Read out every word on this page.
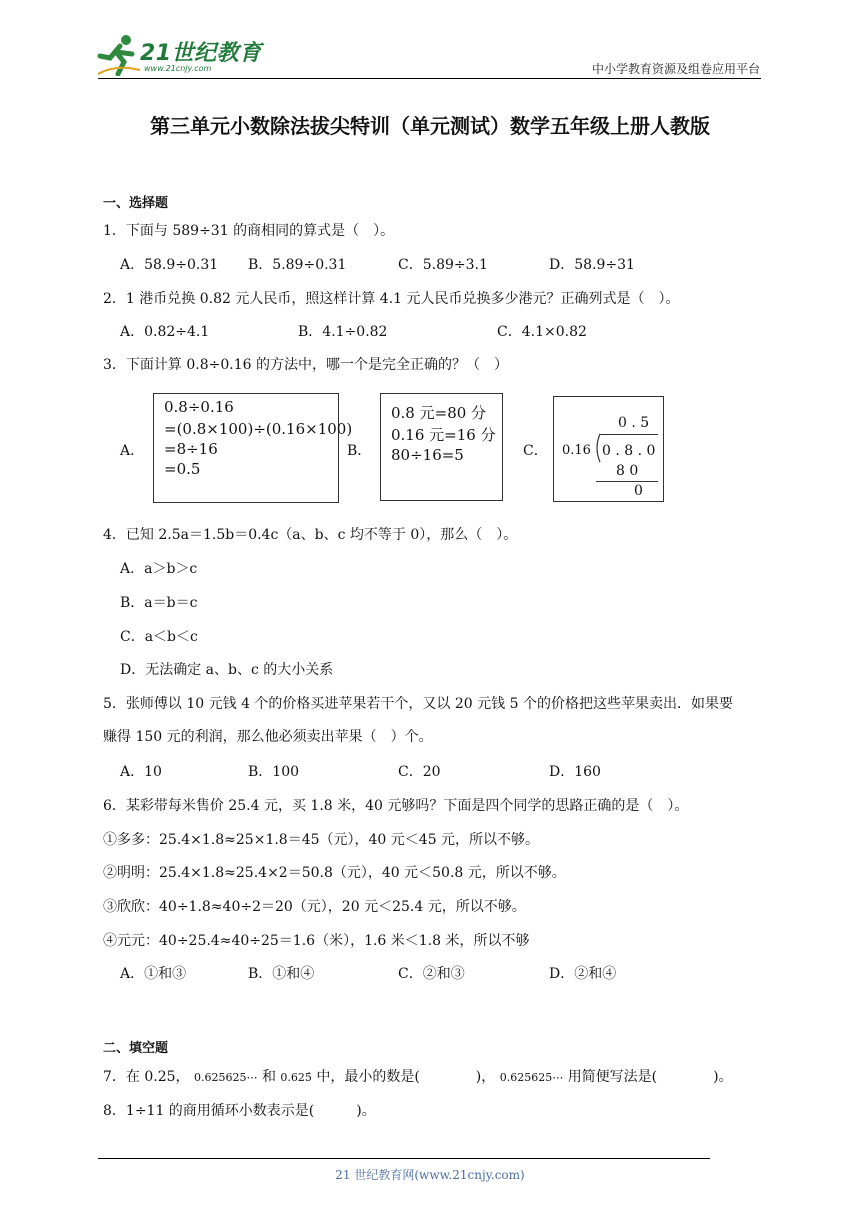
21世纪教育
www.21cnjy.com	中小学教育资源及组卷应用平台
第三单元小数除法拔尖特训（单元测试）数学五年级上册人教版
一、选择题
1．下面与 589÷31 的商相同的算式是（　）。
A．58.9÷0.31 B．5.89÷0.31	C．5.89÷3.1	D．58.9÷31
2．1 港币兑换 0.82 元人民币，照这样计算 4.1 元人民币兑换多少港元？正确列式是（　）。
A．0.82÷4.1	B．4.1÷0.82	C．4.1×0.82
3．下面计算 0.8÷0.16 的方法中，哪一个是完全正确的？（　）
A．
0.8÷0.16
=(0.8×100)÷(0.16×100)
=8÷16
=0.5
B．
0.8 元=80 分
0.16 元=16 分
80÷16=5	C．
0 . 5
0.16 0 . 8 . 0
8 0
0
4．已知 2.5a＝1.5b＝0.4c（a、b、c 均不等于 0），那么（　）。
A．a＞b＞c
B．a＝b＝c
C．a＜b＜c
D．无法确定 a、b、c 的大小关系
5．张师傅以 10 元钱 4 个的价格买进苹果若干个，又以 20 元钱 5 个的价格把这些苹果卖出．如果要
赚得 150 元的利润，那么他必须卖出苹果（　）个。
A．10	B．100	C．20	D．160
6．某彩带每米售价 25.4 元，买 1.8 米，40 元够吗？下面是四个同学的思路正确的是（　）。
①多多：25.4×1.8≈25×1.8＝45（元），40 元＜45 元，所以不够。
②明明：25.4×1.8≈25.4×2＝50.8（元），40 元＜50.8 元，所以不够。
③欣欣：40÷1.8≈40÷2＝20（元），20 元＜25.4 元，所以不够。
④元元：40÷25.4≈40÷25＝1.6（米），1.6 米＜1.8 米，所以不够
A．①和③	B．①和④	C．②和③	D．②和④
二、填空题
7．在 0.25， 0.625625⋯ 和 0.625̇ 中，最小的数是(　　　　)， 0.625625⋯ 用简便写法是(　　　　)。
8．1÷11 的商用循环小数表示是(　　　)。
21 世纪教育网(www.21cnjy.com)
